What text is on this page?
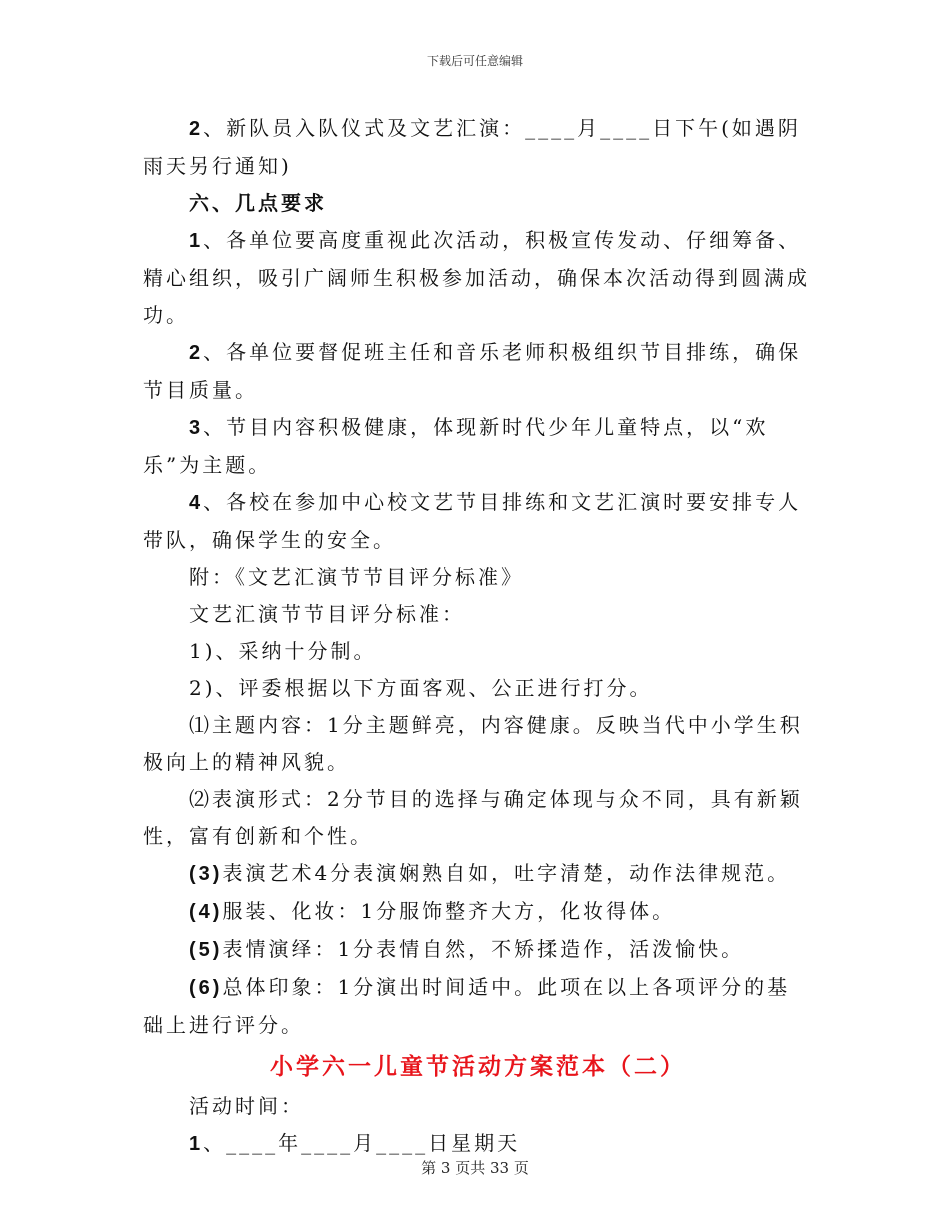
下载后可任意编辑

2、新队员入队仪式及文艺汇演：____月____日下午(如遇阴雨天另行通知)

六、几点要求

1、各单位要高度重视此次活动，积极宣传发动、仔细筹备、精心组织，吸引广阔师生积极参加活动，确保本次活动得到圆满成功。

2、各单位要督促班主任和音乐老师积极组织节目排练，确保节目质量。

3、节目内容积极健康，体现新时代少年儿童特点，以“欢乐”为主题。

4、各校在参加中心校文艺节目排练和文艺汇演时要安排专人带队，确保学生的安全。

附：《文艺汇演节节目评分标准》

文艺汇演节节目评分标准：

1)、采纳十分制。

2)、评委根据以下方面客观、公正进行打分。

⑴主题内容：1分主题鲜亮，内容健康。反映当代中小学生积极向上的精神风貌。

⑵表演形式：2分节目的选择与确定体现与众不同，具有新颖性，富有创新和个性。

(3)表演艺术4分表演娴熟自如，吐字清楚，动作法律规范。

(4)服装、化妆：1分服饰整齐大方，化妆得体。

(5)表情演绎：1分表情自然，不矫揉造作，活泼愉快。

(6)总体印象：1分演出时间适中。此项在以上各项评分的基础上进行评分。

小学六一儿童节活动方案范本（二）

活动时间：

1、____年____月____日星期天

第 3 页共 33 页
